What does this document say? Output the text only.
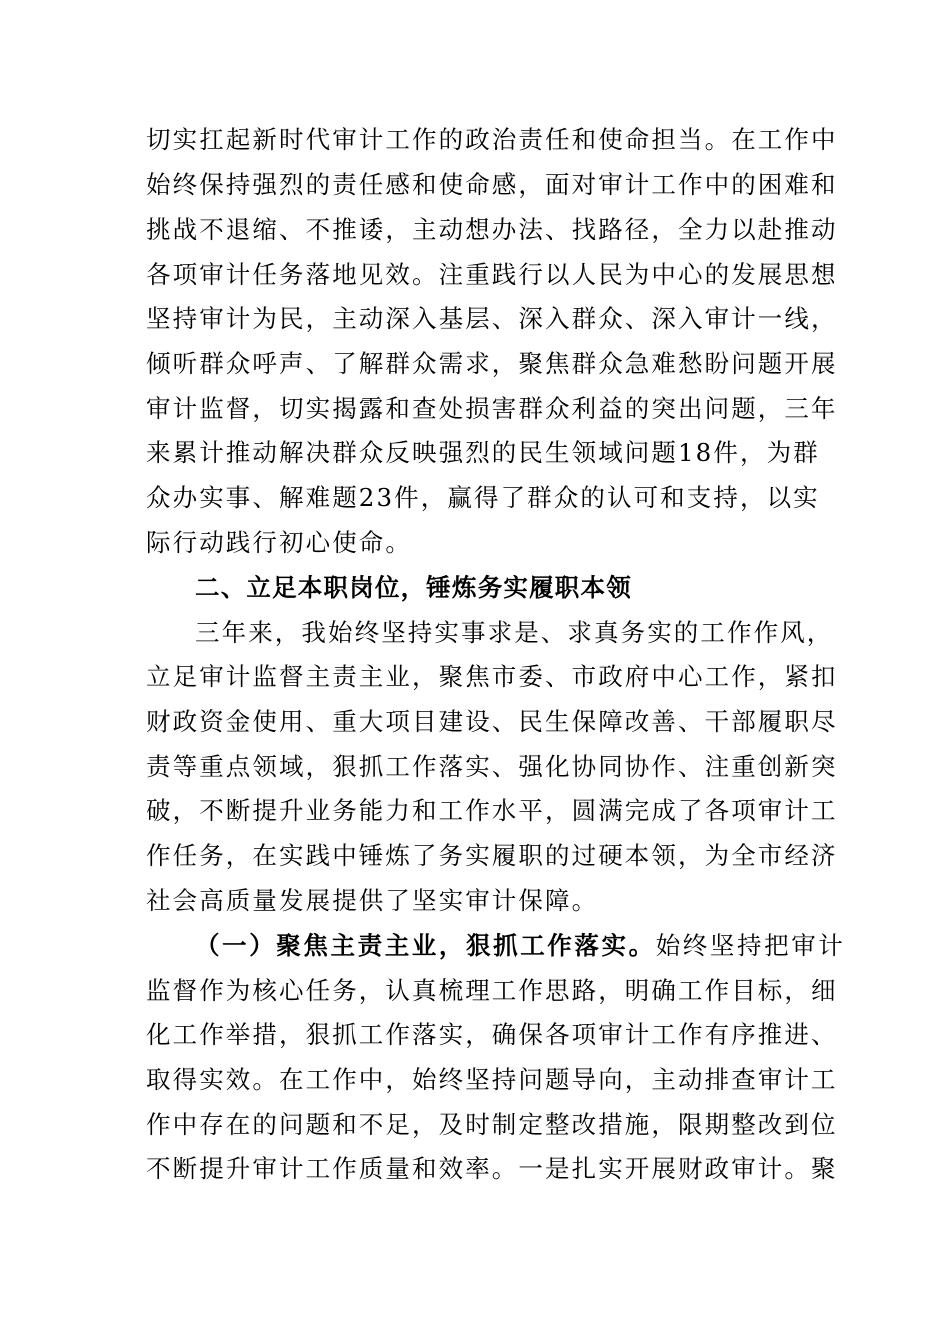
切实扛起新时代审计工作的政治责任和使命担当。在工作中
始终保持强烈的责任感和使命感，面对审计工作中的困难和
挑战不退缩、不推诿，主动想办法、找路径，全力以赴推动
各项审计任务落地见效。注重践行以人民为中心的发展思想
坚持审计为民，主动深入基层、深入群众、深入审计一线，
倾听群众呼声、了解群众需求，聚焦群众急难愁盼问题开展
审计监督，切实揭露和查处损害群众利益的突出问题，三年
来累计推动解决群众反映强烈的民生领域问题18件，为群
众办实事、解难题23件，赢得了群众的认可和支持，以实
际行动践行初心使命。
二、立足本职岗位，锤炼务实履职本领
三年来，我始终坚持实事求是、求真务实的工作作风，
立足审计监督主责主业，聚焦市委、市政府中心工作，紧扣
财政资金使用、重大项目建设、民生保障改善、干部履职尽
责等重点领域，狠抓工作落实、强化协同协作、注重创新突
破，不断提升业务能力和工作水平，圆满完成了各项审计工
作任务，在实践中锤炼了务实履职的过硬本领，为全市经济
社会高质量发展提供了坚实审计保障。
（一）聚焦主责主业，狠抓工作落实。 始终坚持把审计
监督作为核心任务，认真梳理工作思路，明确工作目标，细
化工作举措，狠抓工作落实，确保各项审计工作有序推进、
取得实效。在工作中，始终坚持问题导向，主动排查审计工
作中存在的问题和不足，及时制定整改措施，限期整改到位
不断提升审计工作质量和效率。一是扎实开展财政审计。聚
